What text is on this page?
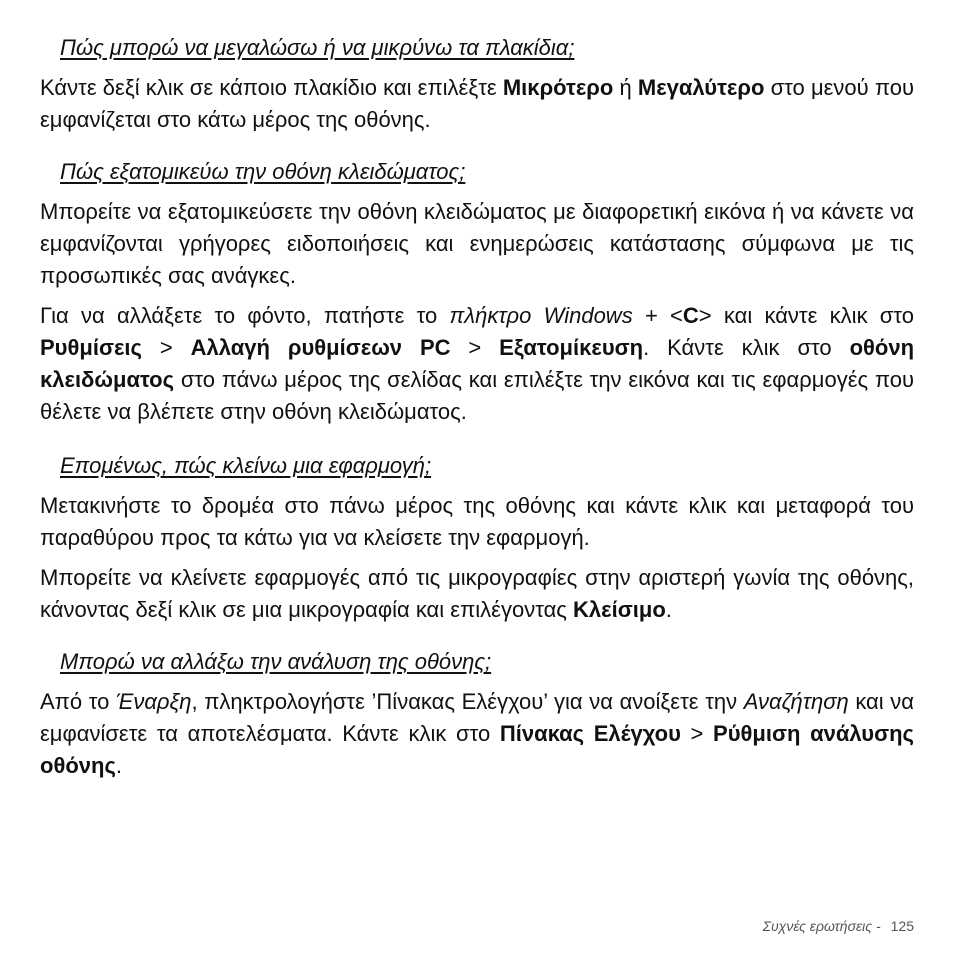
Πώς μπορώ να μεγαλώσω ή να μικρύνω τα πλακίδια;

Κάντε δεξί κλικ σε κάποιο πλακίδιο και επιλέξτε Μικρότερο ή Μεγαλύτερο στο μενού που εμφανίζεται στο κάτω μέρος της οθόνης.

Πώς εξατομικεύω την οθόνη κλειδώματος;

Μπορείτε να εξατομικεύσετε την οθόνη κλειδώματος με διαφορετική εικόνα ή να κάνετε να εμφανίζονται γρήγορες ειδοποιήσεις και ενημερώσεις κατάστασης σύμφωνα με τις προσωπικές σας ανάγκες.

Για να αλλάξετε το φόντο, πατήστε το πλήκτρο Windows + <C> και κάντε κλικ στο Ρυθμίσεις > Αλλαγή ρυθμίσεων PC > Εξατομίκευση. Κάντε κλικ στο οθόνη κλειδώματος στο πάνω μέρος της σελίδας και επιλέξτε την εικόνα και τις εφαρμογές που θέλετε να βλέπετε στην οθόνη κλειδώματος.

Επομένως, πώς κλείνω μια εφαρμογή;

Μετακινήστε το δρομέα στο πάνω μέρος της οθόνης και κάντε κλικ και μεταφορά του παραθύρου προς τα κάτω για να κλείσετε την εφαρμογή.

Μπορείτε να κλείνετε εφαρμογές από τις μικρογραφίες στην αριστερή γωνία της οθόνης, κάνοντας δεξί κλικ σε μια μικρογραφία και επιλέγοντας Κλείσιμο.

Μπορώ να αλλάξω την ανάλυση της οθόνης;

Από το Έναρξη, πληκτρολογήστε ’Πίνακας Ελέγχου’ για να ανοίξετε την Αναζήτηση και να εμφανίσετε τα αποτελέσματα. Κάντε κλικ στο Πίνακας Ελέγχου > Ρύθμιση ανάλυσης οθόνης.

Συχνές ερωτήσεις - 125
